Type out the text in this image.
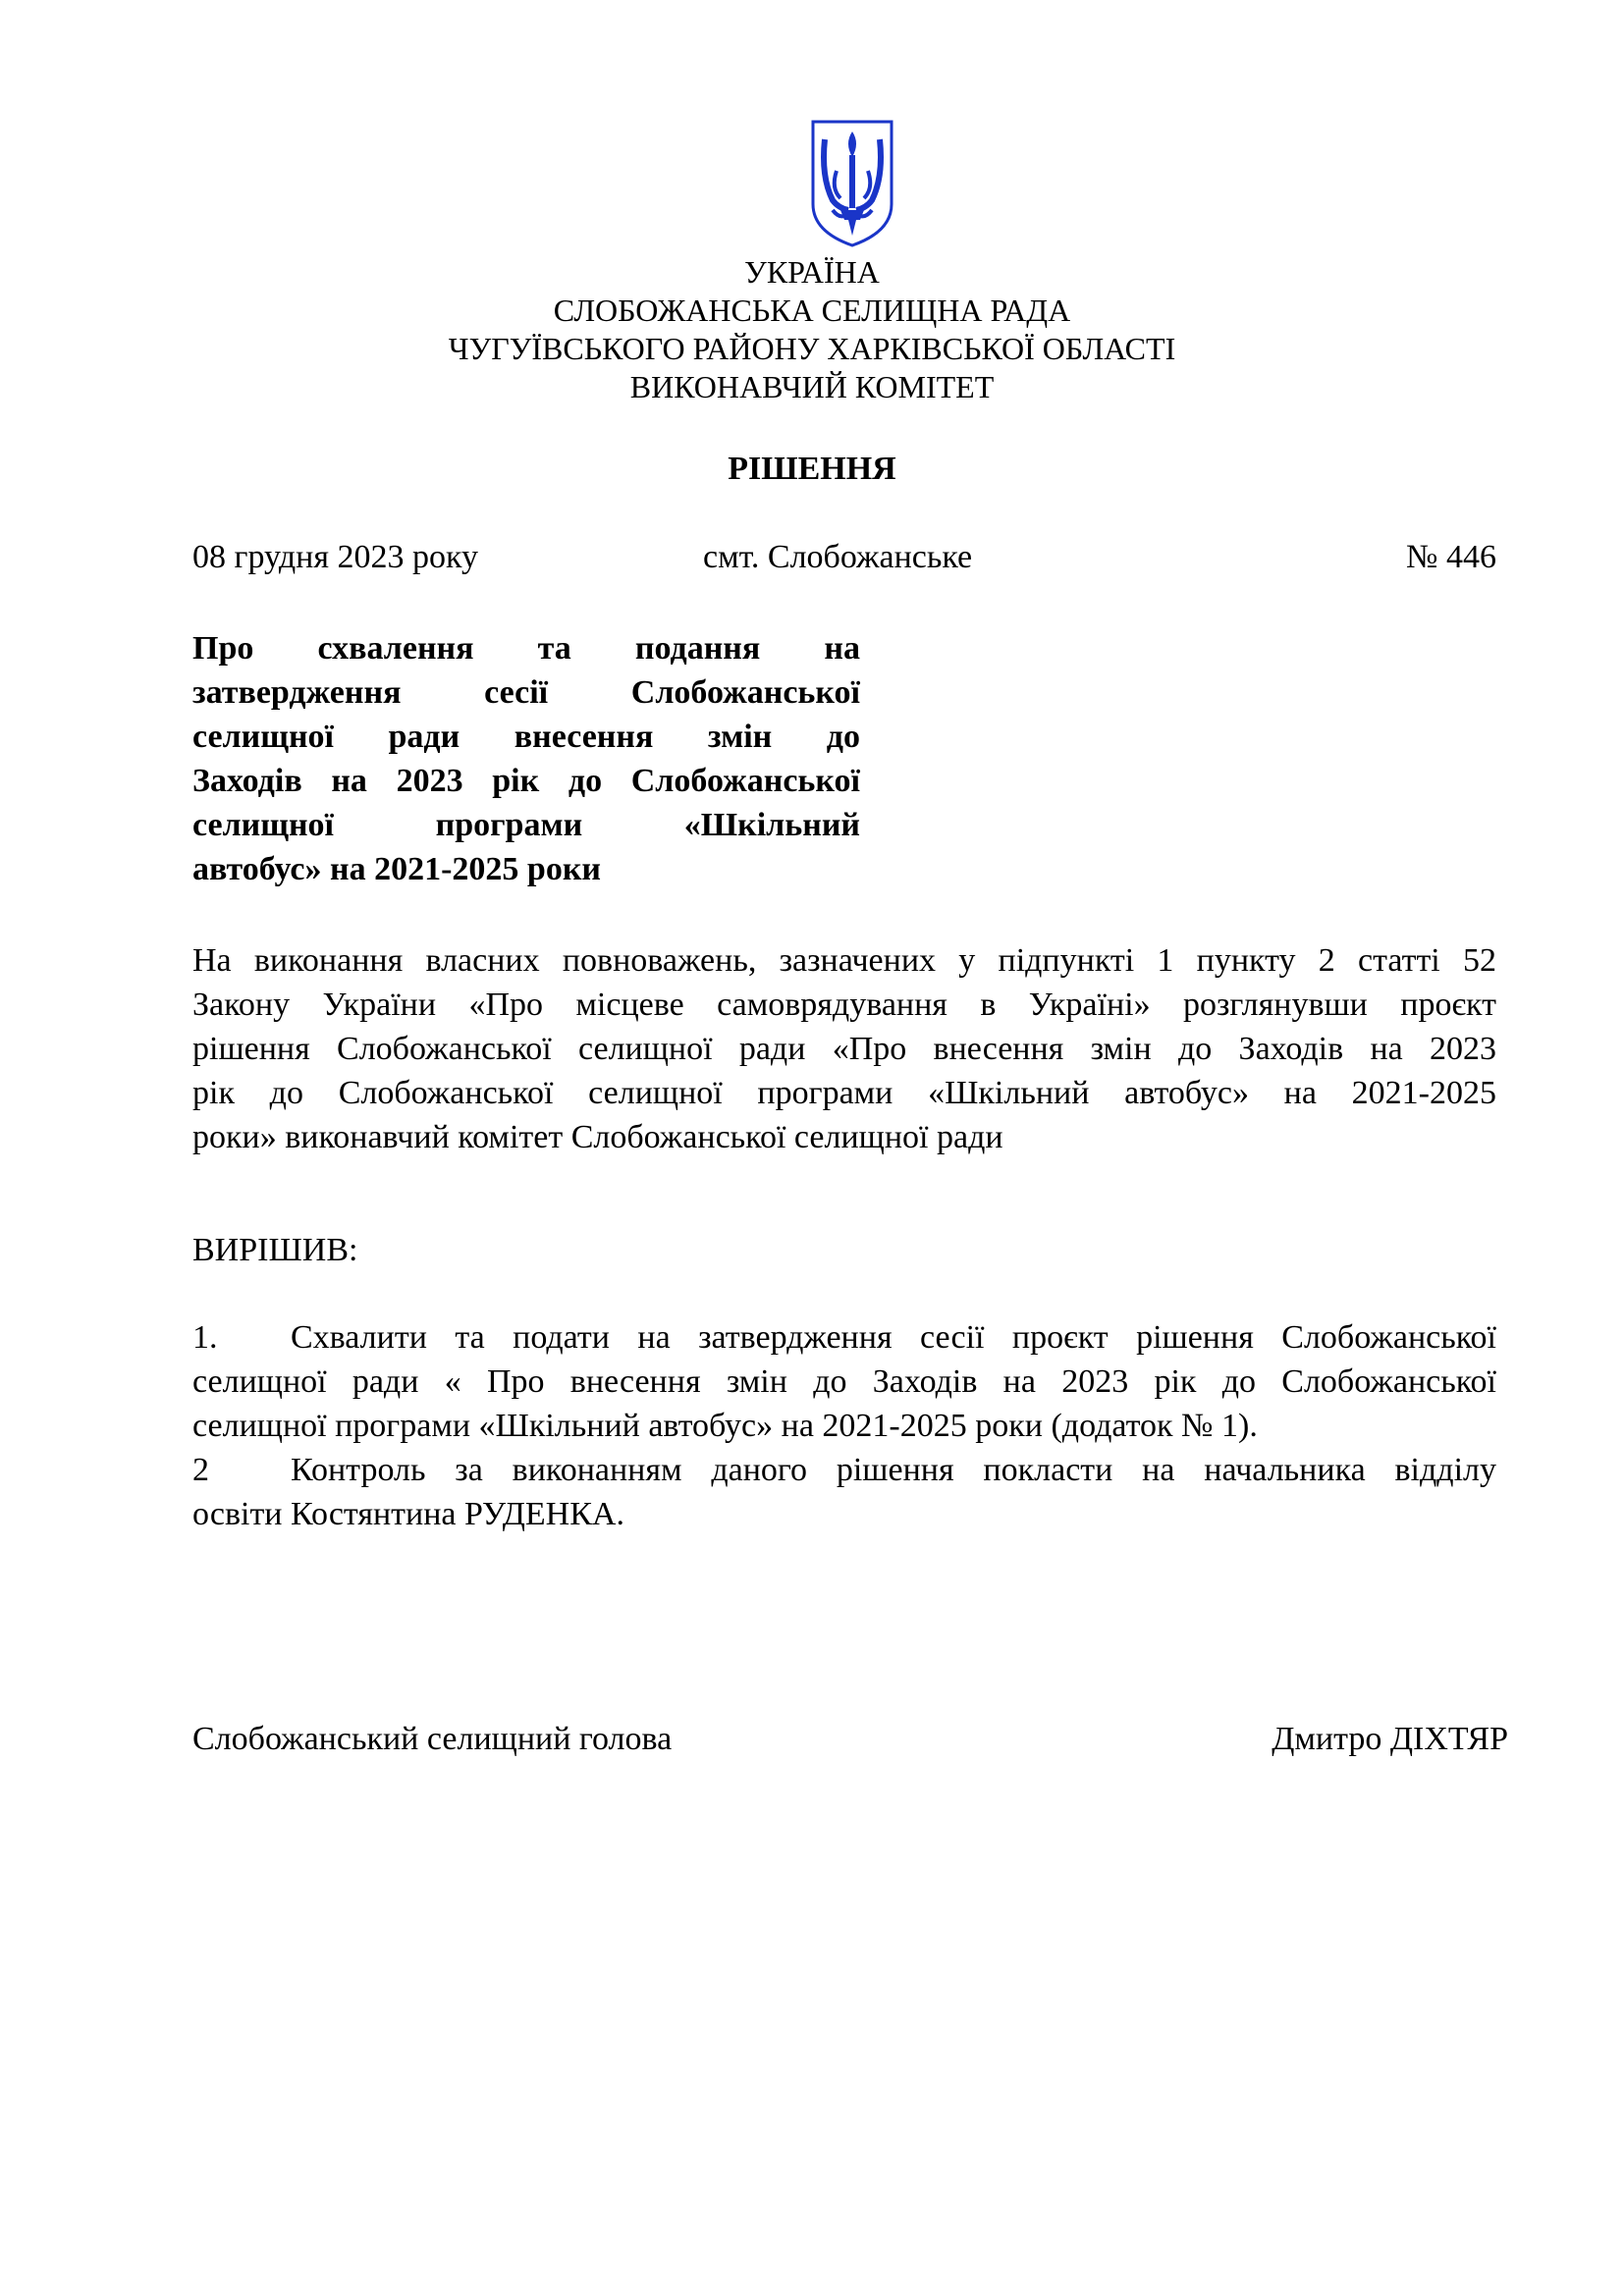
УКРАЇНА
СЛОБОЖАНСЬКА СЕЛИЩНА РАДА
ЧУГУЇВСЬКОГО РАЙОНУ ХАРКІВСЬКОЇ ОБЛАСТІ
ВИКОНАВЧИЙ КОМІТЕТ
РІШЕННЯ
08 грудня 2023 року	смт. Слобожанське	№ 446
Про схвалення та подання на
затвердження сесії Слобожанської
селищної ради внесення змін до
Заходів на 2023 рік до Слобожанської
селищної програми «Шкільний
автобус» на 2021-2025 роки
На виконання власних повноважень, зазначених у підпункті 1 пункту 2 статті 52
Закону України «Про місцеве самоврядування в Україні» розглянувши проєкт
рішення Слобожанської селищної ради «Про внесення змін до Заходів на 2023
рік до Слобожанської селищної програми «Шкільний автобус» на 2021-2025
роки» виконавчий комітет Слобожанської селищної ради
ВИРІШИВ:
1. Схвалити та подати на затвердження сесії проєкт рішення Слобожанської
селищної ради « Про внесення змін до Заходів на 2023 рік до Слобожанської
селищної програми «Шкільний автобус» на 2021-2025 роки (додаток № 1).
2 Контроль за виконанням даного рішення покласти на начальника відділу
освіти Костянтина РУДЕНКА.
Слобожанський селищний голова	Дмитро ДІХТЯР
